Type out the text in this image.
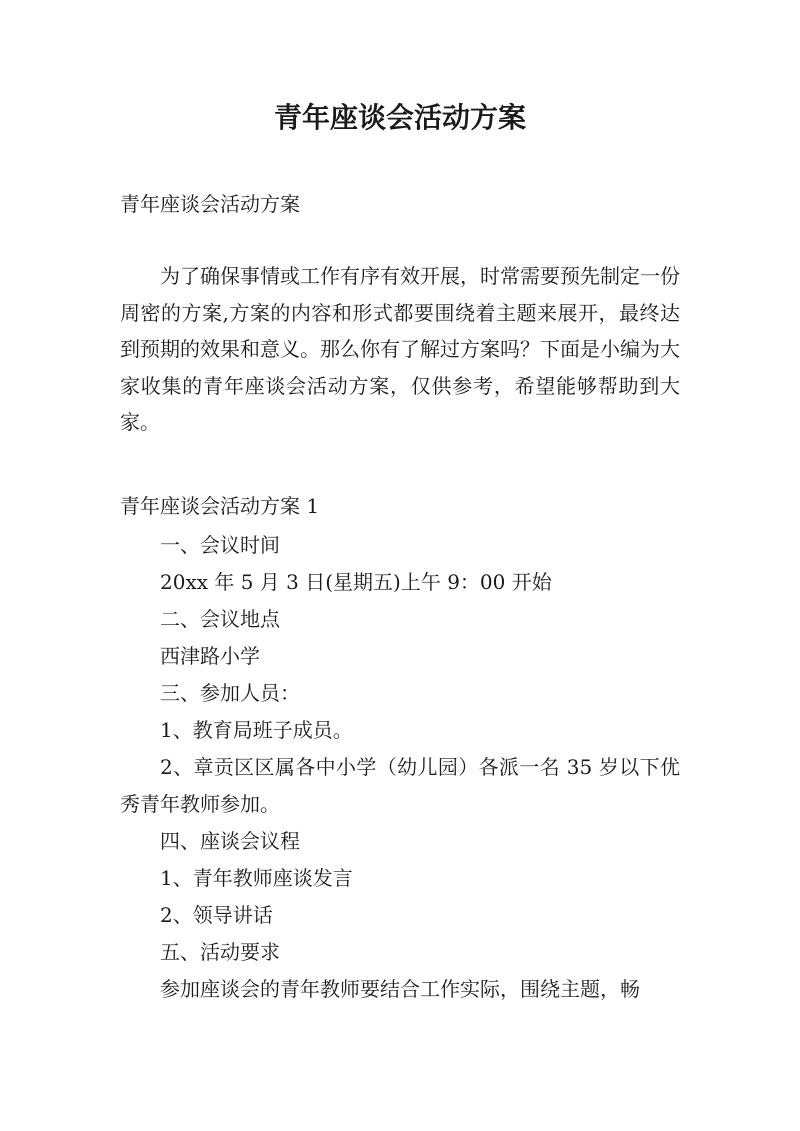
青年座谈会活动方案

青年座谈会活动方案

为了确保事情或工作有序有效开展，时常需要预先制定一份周密的方案,方案的内容和形式都要围绕着主题来展开，最终达到预期的效果和意义。那么你有了解过方案吗？下面是小编为大家收集的青年座谈会活动方案，仅供参考，希望能够帮助到大家。

青年座谈会活动方案 1

一、会议时间

20xx 年 5 月 3 日(星期五)上午 9：00 开始

二、会议地点

西津路小学

三、参加人员：

1、教育局班子成员。

2、章贡区区属各中小学（幼儿园）各派一名 35 岁以下优秀青年教师参加。

四、座谈会议程

1、青年教师座谈发言

2、领导讲话

五、活动要求

参加座谈会的青年教师要结合工作实际，围绕主题，畅
